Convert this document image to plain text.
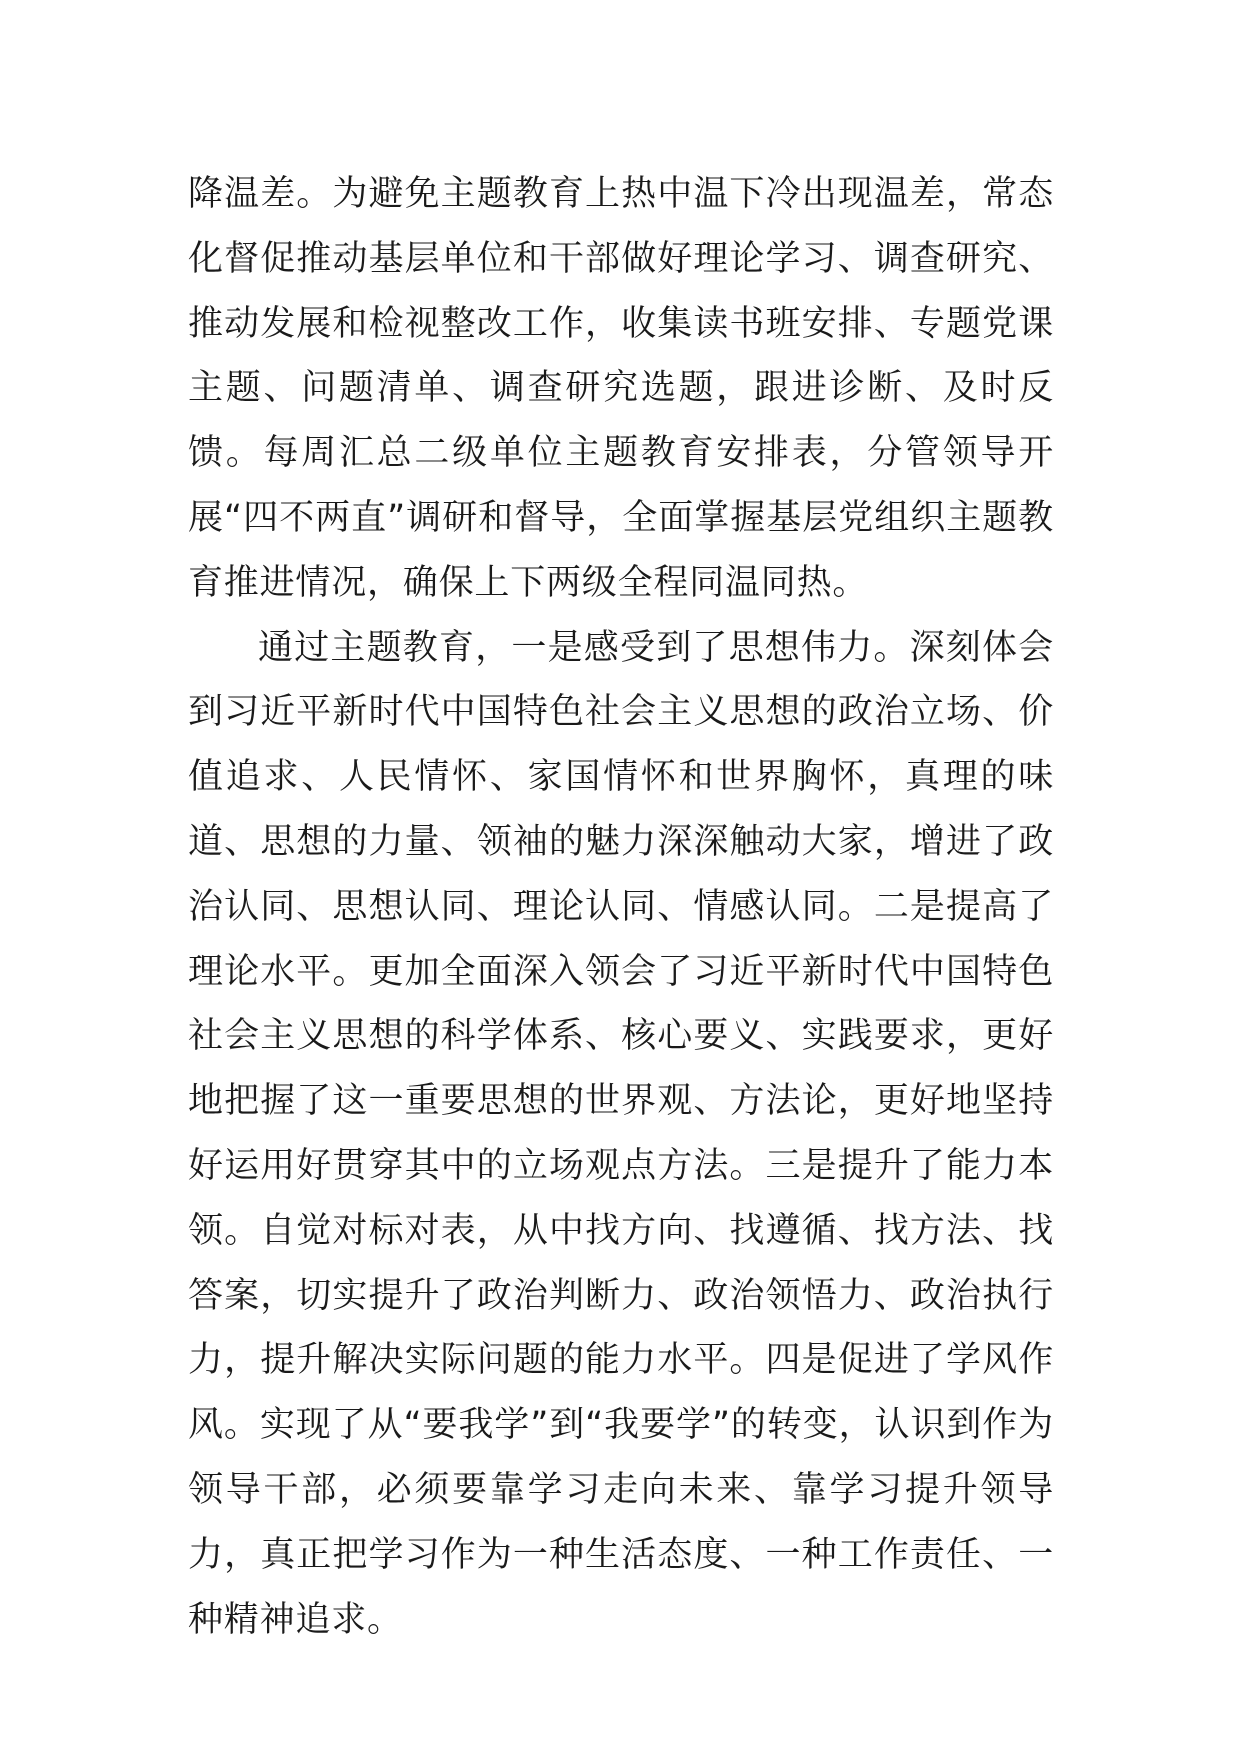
降温差。为避免主题教育上热中温下冷出现温差，常态化督促推动基层单位和干部做好理论学习、调查研究、推动发展和检视整改工作，收集读书班安排、专题党课主题、问题清单、调查研究选题，跟进诊断、及时反馈。每周汇总二级单位主题教育安排表，分管领导开展“四不两直”调研和督导，全面掌握基层党组织主题教育推进情况，确保上下两级全程同温同热。

通过主题教育，一是感受到了思想伟力。深刻体会到习近平新时代中国特色社会主义思想的政治立场、价值追求、人民情怀、家国情怀和世界胸怀，真理的味道、思想的力量、领袖的魅力深深触动大家，增进了政治认同、思想认同、理论认同、情感认同。二是提高了理论水平。更加全面深入领会了习近平新时代中国特色社会主义思想的科学体系、核心要义、实践要求，更好地把握了这一重要思想的世界观、方法论，更好地坚持好运用好贯穿其中的立场观点方法。三是提升了能力本领。自觉对标对表，从中找方向、找遵循、找方法、找答案，切实提升了政治判断力、政治领悟力、政治执行力，提升解决实际问题的能力水平。四是促进了学风作风。实现了从“要我学”到“我要学”的转变，认识到作为领导干部，必须要靠学习走向未来、靠学习提升领导力，真正把学习作为一种生活态度、一种工作责任、一种精神追求。
